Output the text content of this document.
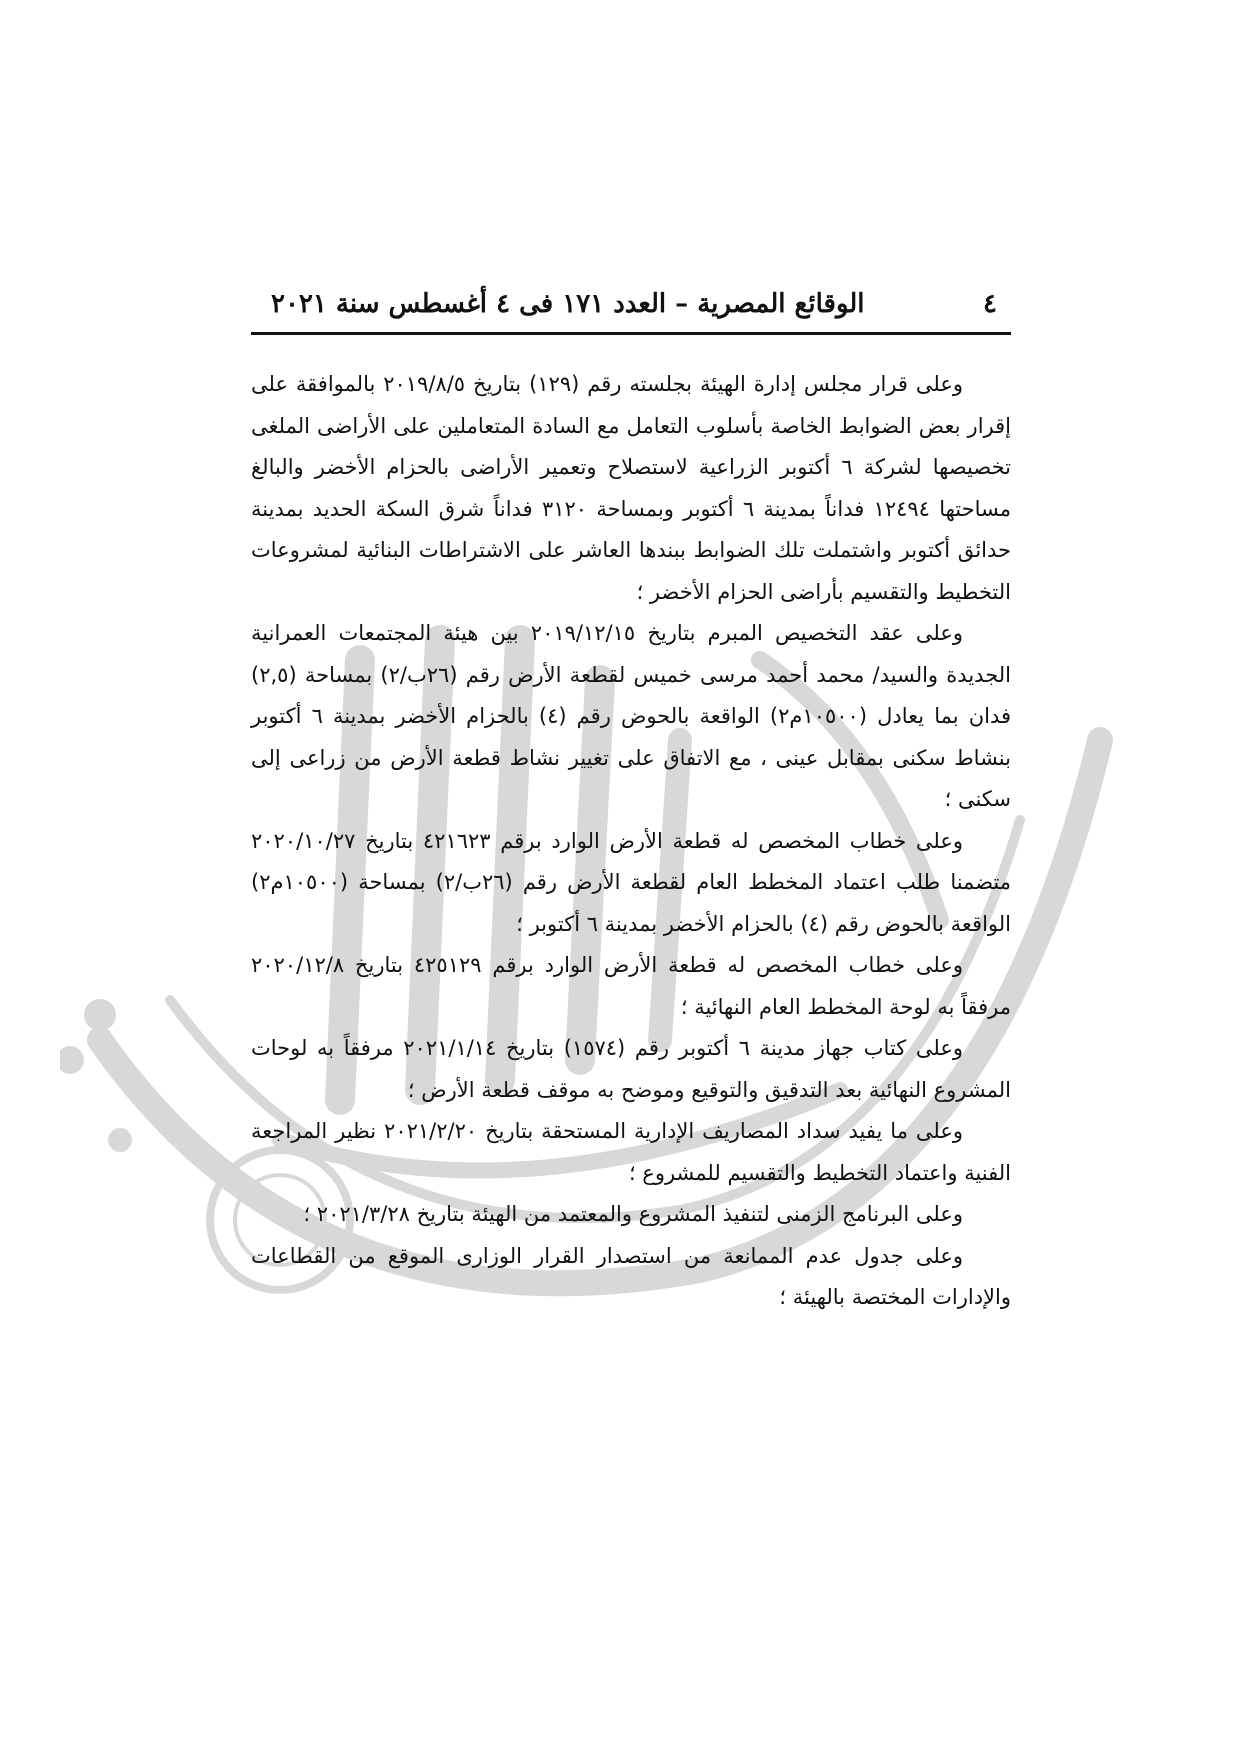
٤
الوقائع المصرية – العدد ١٧١ فى ٤ أغسطس سنة ٢٠٢١

وعلى قرار مجلس إدارة الهيئة بجلسته رقم (١٢٩) بتاريخ ٢٠١٩/٨/٥ بالموافقة على إقرار بعض الضوابط الخاصة بأسلوب التعامل مع السادة المتعاملين على الأراضى الملغى تخصيصها لشركة ٦ أكتوبر الزراعية لاستصلاح وتعمير الأراضى بالحزام الأخضر والبالغ مساحتها ١٢٤٩٤ فداناً بمدينة ٦ أكتوبر وبمساحة ٣١٢٠ فداناً شرق السكة الحديد بمدينة حدائق أكتوبر واشتملت تلك الضوابط ببندها العاشر على الاشتراطات البنائية لمشروعات التخطيط والتقسيم بأراضى الحزام الأخضر ؛

وعلى عقد التخصيص المبرم بتاريخ ٢٠١٩/١٢/١٥ بين هيئة المجتمعات العمرانية الجديدة والسيد/ محمد أحمد مرسى خميس لقطعة الأرض رقم (٢٦ب/٢) بمساحة (٢,٥) فدان بما يعادل (١٠٥٠٠م٢) الواقعة بالحوض رقم (٤) بالحزام الأخضر بمدينة ٦ أكتوبر بنشاط سكنى بمقابل عينى ، مع الاتفاق على تغيير نشاط قطعة الأرض من زراعى إلى سكنى ؛

وعلى خطاب المخصص له قطعة الأرض الوارد برقم ٤٢١٦٢٣ بتاريخ ٢٠٢٠/١٠/٢٧ متضمنا طلب اعتماد المخطط العام لقطعة الأرض رقم (٢٦ب/٢) بمساحة (١٠٥٠٠م٢) الواقعة بالحوض رقم (٤) بالحزام الأخضر بمدينة ٦ أكتوبر ؛

وعلى خطاب المخصص له قطعة الأرض الوارد برقم ٤٢٥١٢٩ بتاريخ ٢٠٢٠/١٢/٨ مرفقاً به لوحة المخطط العام النهائية ؛

وعلى كتاب جهاز مدينة ٦ أكتوبر رقم (١٥٧٤) بتاريخ ٢٠٢١/١/١٤ مرفقاً به لوحات المشروع النهائية بعد التدقيق والتوقيع وموضح به موقف قطعة الأرض ؛

وعلى ما يفيد سداد المصاريف الإدارية المستحقة بتاريخ ٢٠٢١/٢/٢٠ نظير المراجعة الفنية واعتماد التخطيط والتقسيم للمشروع ؛

وعلى البرنامج الزمنى لتنفيذ المشروع والمعتمد من الهيئة بتاريخ ٢٠٢١/٣/٢٨ ؛

وعلى جدول عدم الممانعة من استصدار القرار الوزارى الموقع من القطاعات والإدارات المختصة بالهيئة ؛
